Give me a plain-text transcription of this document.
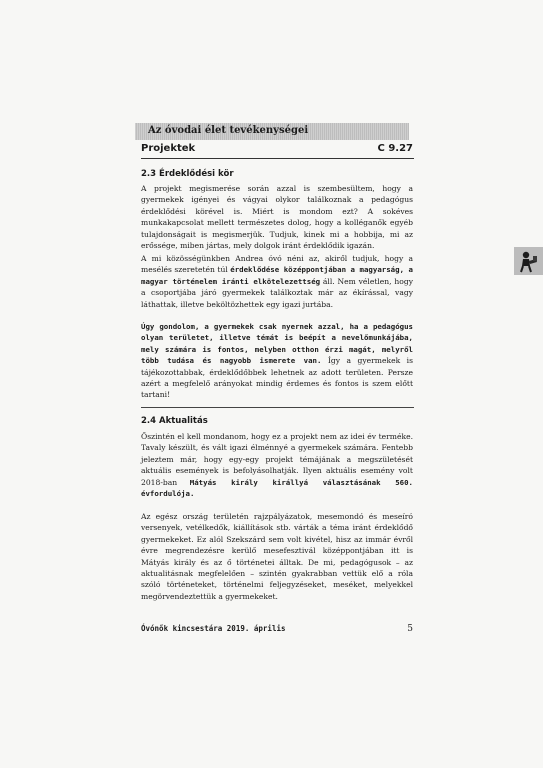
Az óvodai élet tevékenységei
Projektek	C 9.27
2.3 Érdeklődési kör

A projekt megismerése során azzal is szembesültem, hogy a gyermekek igényei és vágyai olykor találkoznak a pedagógus érdeklődési körével is. Miért is mondom ezt? A sokéves munkakapcsolat mellett természetes dolog, hogy a kolléganők egyéb tulajdonságait is megismerjük. Tudjuk, kinek mi a hobbija, mi az erőssége, miben jártas, mely dolgok iránt érdeklődik igazán.

A mi közösségünkben Andrea óvó néni az, akiről tudjuk, hogy a mesélés szeretetén túl érdeklődése középpontjában a magyarság, a magyar történelem iránti elkötelezettség áll. Nem véletlen, hogy a csoportjába járó gyermekek találkoztak már az ékírással, vagy láthattak, illetve beköltözhettek egy igazi jurtába.

Úgy gondolom, a gyermekek csak nyernek azzal, ha a pedagógus olyan területet, illetve témát is beépít a nevelőmunkájába, mely számára is fontos, melyben otthon érzi magát, melyről több tudása és nagyobb ismerete van. Így a gyermekek is tájékozottabbak, érdeklődőbbek lehetnek az adott területen. Persze azért a megfelelő arányokat mindig érdemes és fontos is szem előtt tartani!

2.4 Aktualitás

Őszintén el kell mondanom, hogy ez a projekt nem az idei év terméke. Tavaly készült, és vált igazi élménnyé a gyermekek számára. Fentebb jeleztem már, hogy egy-egy projekt témájának a megszületését aktuális események is befolyásolhatják. Ilyen aktuális esemény volt 2018-ban Mátyás király királlyá választásának 560. évfordulója.

Az egész ország területén rajzpályázatok, mesemondó és meseíró versenyek, vetélkedők, kiállítások stb. várták a téma iránt érdeklődő gyermekeket. Ez alól Szekszárd sem volt kivétel, hisz az immár évről évre megrendezésre kerülő mesefesztivál középpontjában itt is Mátyás király és az ő történetei álltak. De mi, pedagógusok – az aktualitásnak megfelelően – szintén gyakrabban vettük elő a róla szóló történeteket, történelmi feljegyzéseket, meséket, melyekkel megörvendeztettük a gyermekeket.

Óvónők kincsestára 2019. április	5
